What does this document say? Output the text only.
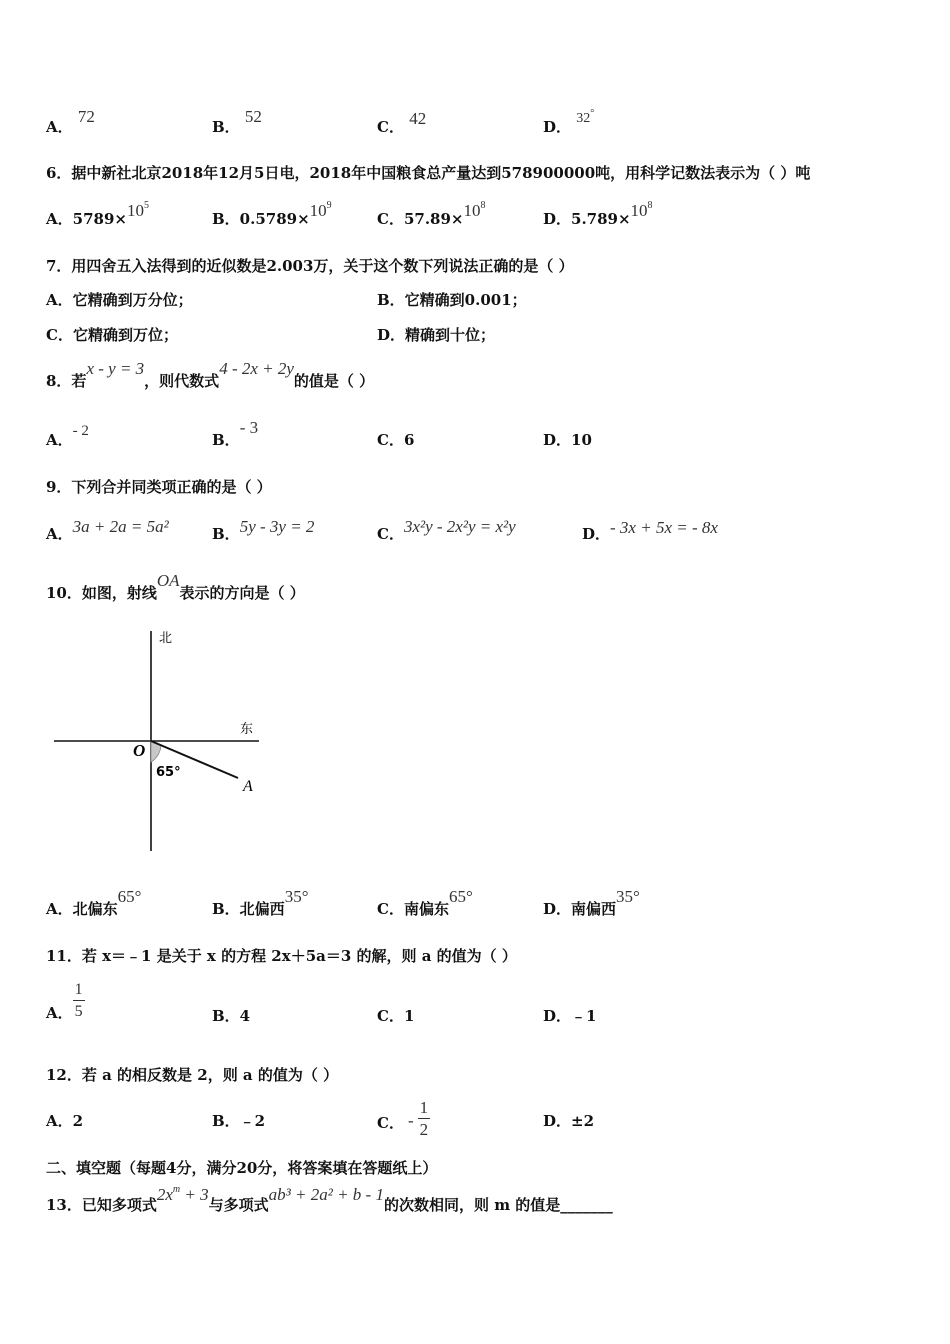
A． 72
B． 52
C． 42	D． 32°
6．据中新社北京2018年12月5日电，2018年中国粮食总产量达到578900000吨，用科学记数法表示为（ ）吨
A．$5789\times 10^5$
B．$0.5789\times 10^9$
C．$57.89\times 10^8$
D．$5.789\times 10^8$
7．用四舍五入法得到的近似数是2.003万，关于这个数下列说法正确的是（ ）
A．它精确到万分位；	B．它精确到0.001；
C．它精确到万位；	D．精确到十位；
8．若x - y = 3，则代数式4 - 2x + 2y的值是（ ）
A．- 2	B．- 3
C．6	D．10
9．下列合并同类项正确的是（ ）
A．3a + 2a = 5a²	B．5y - 3y = 2	C．3x²y - 2x²y = x²y	D．- 3x + 5x = - 8x
10．如图，射线OA表示的方向是（ ）
北
东
O
A
65°
A．北偏东65°
B．北偏西35°
C．南偏东65°
D．南偏西35°
11．若 x＝﹣1 是关于 x 的方程 2x＋5a＝3 的解，则 a 的值为（ ）
A． $\frac{1}{5}$	B．4	C．1	D．﹣1
12．若 a 的相反数是 2，则 a 的值为（ ）
A．2	B．﹣2	C． - $\frac{1}{2}$	D．±2
二、填空题（每题4分，满分20分，将答案填在答题纸上）
13．已知多项式$2x^m + 3$与多项式ab³ + 2a² + b - 1的次数相同，则 m 的值是_______
